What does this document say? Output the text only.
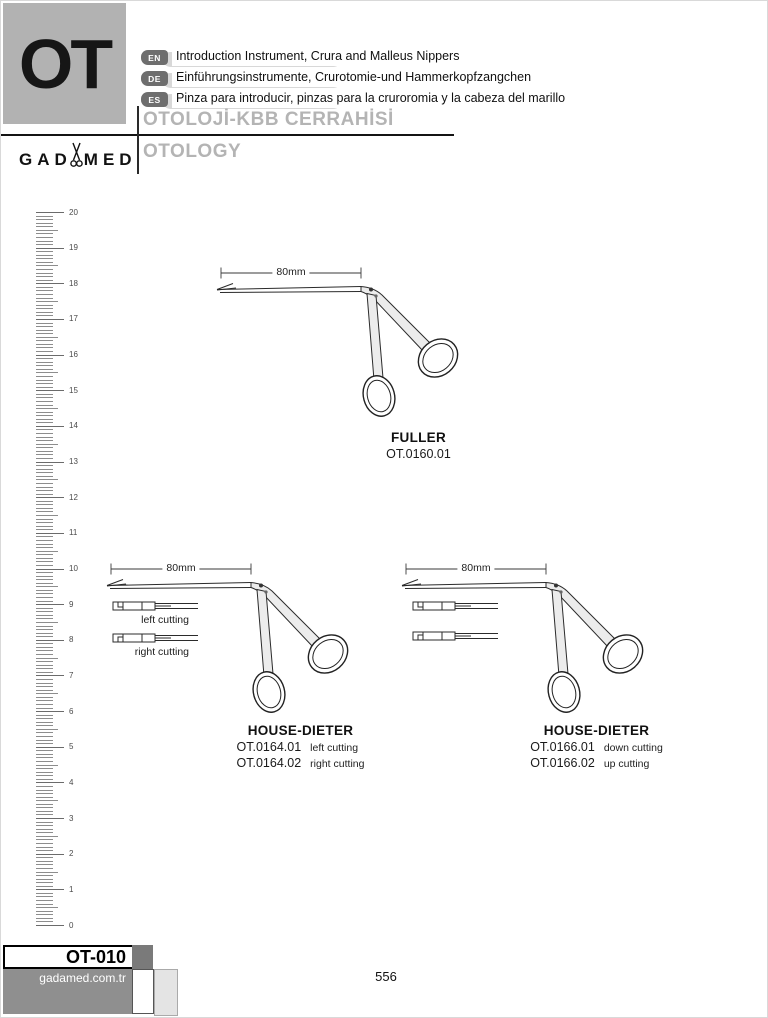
OT	EN	Introduction Instrument, Crura and Malleus Nippers
DE	Einführungsinstrumente, Crurotomie-und Hammerkopfzangchen
ES	Pinza para introducir, pinzas para la cruroromia y la cabeza del marillo
OTOLOJİ-KBB CERRAHİSİ
OTOLOGY
GAD MED
20
19
18
17
16
15
14
13
12
11
10
9
8
7
6
5
4
3
2
1
0
80mm
FULLER
OT.0160.01
80mm
left cutting
right cutting
HOUSE-DIETER
OT.0164.01 left cutting
OT.0164.02 right cutting
80mm
HOUSE-DIETER
OT.0166.01 down cutting
OT.0166.02 up cutting
OT-010
gadamed.com.tr	556
